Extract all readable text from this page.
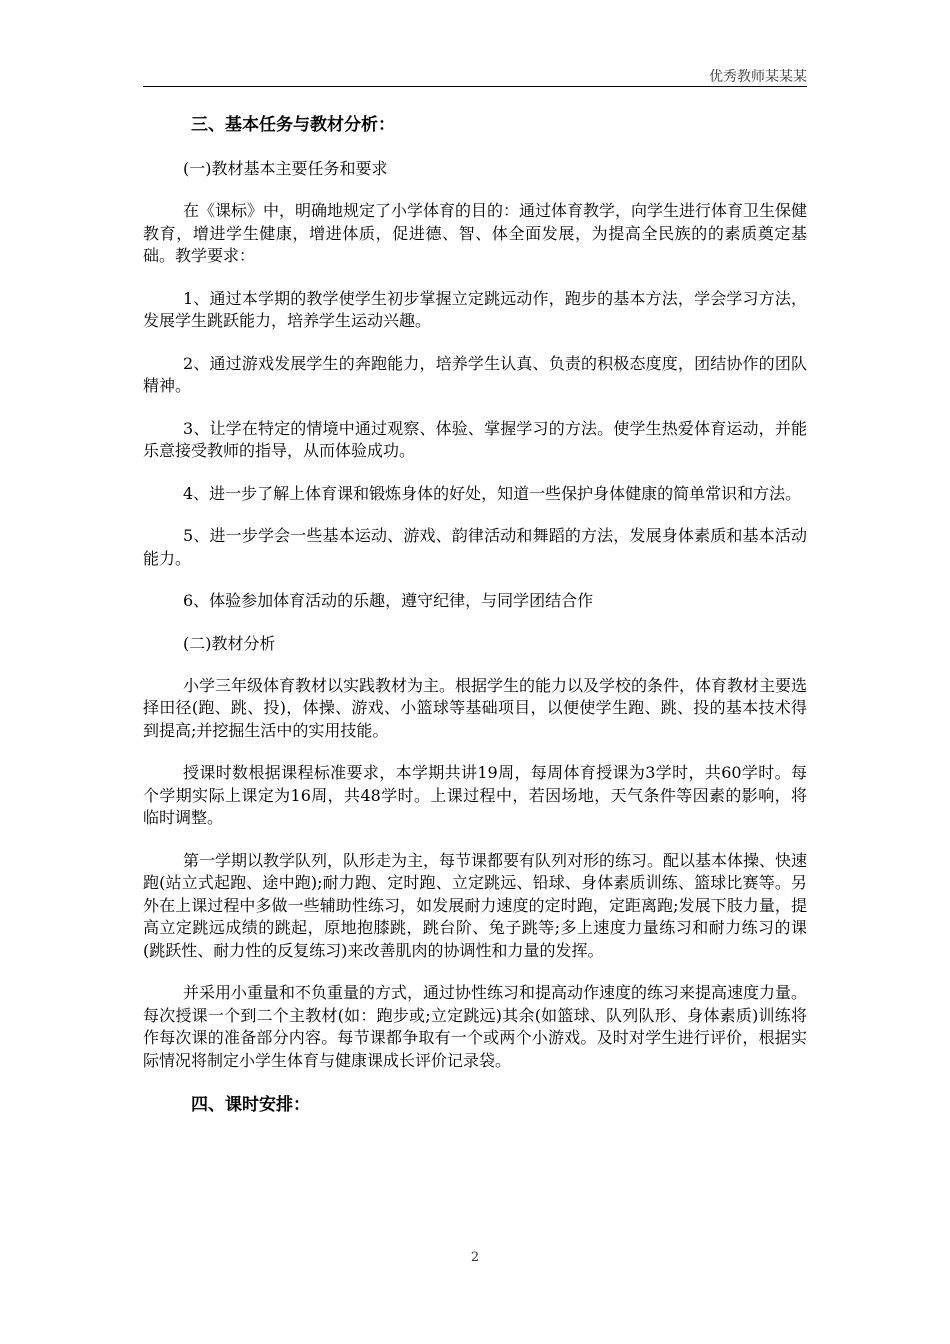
优秀教师某某某

三、基本任务与教材分析：

(一)教材基本主要任务和要求

在《课标》中，明确地规定了小学体育的目的：通过体育教学，向学生进行体育卫生保健教育，增进学生健康，增进体质，促进德、智、体全面发展，为提高全民族的的素质奠定基础。教学要求：

1、通过本学期的教学使学生初步掌握立定跳远动作，跑步的基本方法，学会学习方法，发展学生跳跃能力，培养学生运动兴趣。

2、通过游戏发展学生的奔跑能力，培养学生认真、负责的积极态度度，团结协作的团队精神。

3、让学在特定的情境中通过观察、体验、掌握学习的方法。使学生热爱体育运动，并能乐意接受教师的指导，从而体验成功。

4、进一步了解上体育课和锻炼身体的好处，知道一些保护身体健康的简单常识和方法。

5、进一步学会一些基本运动、游戏、韵律活动和舞蹈的方法，发展身体素质和基本活动能力。

6、体验参加体育活动的乐趣，遵守纪律，与同学团结合作

(二)教材分析

小学三年级体育教材以实践教材为主。根据学生的能力以及学校的条件，体育教材主要选择田径(跑、跳、投)，体操、游戏、小篮球等基础项目，以便使学生跑、跳、投的基本技术得到提高;并挖掘生活中的实用技能。

授课时数根据课程标准要求，本学期共讲19周，每周体育授课为3学时，共60学时。每个学期实际上课定为16周，共48学时。上课过程中，若因场地，天气条件等因素的影响，将临时调整。

第一学期以教学队列，队形走为主，每节课都要有队列对形的练习。配以基本体操、快速跑(站立式起跑、途中跑);耐力跑、定时跑、立定跳远、铅球、身体素质训练、篮球比赛等。另外在上课过程中多做一些辅助性练习，如发展耐力速度的定时跑，定距离跑;发展下肢力量，提高立定跳远成绩的跳起，原地抱膝跳，跳台阶、兔子跳等;多上速度力量练习和耐力练习的课(跳跃性、耐力性的反复练习)来改善肌肉的协调性和力量的发挥。

并采用小重量和不负重量的方式，通过协性练习和提高动作速度的练习来提高速度力量。每次授课一个到二个主教材(如：跑步或;立定跳远)其余(如篮球、队列队形、身体素质)训练将作每次课的准备部分内容。每节课都争取有一个或两个小游戏。及时对学生进行评价，根据实际情况将制定小学生体育与健康课成长评价记录袋。

四、课时安排：

2
